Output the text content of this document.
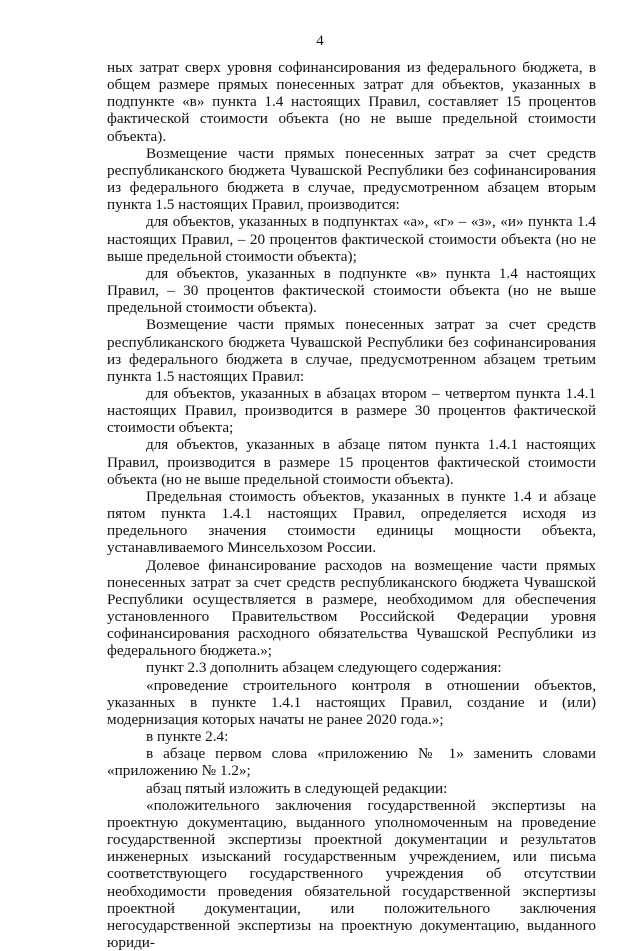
4

ных затрат сверх уровня софинансирования из федерального бюджета, в общем размере прямых понесенных затрат для объектов, указанных в подпункте «в» пункта 1.4 настоящих Правил, составляет 15 процентов фактической стоимости объекта (но не выше предельной стоимости объекта).

Возмещение части прямых понесенных затрат за счет средств республиканского бюджета Чувашской Республики без софинансирования из федерального бюджета в случае, предусмотренном абзацем вторым пункта 1.5 настоящих Правил, производится:

для объектов, указанных в подпунктах «а», «г» – «з», «и» пункта 1.4 настоящих Правил, – 20 процентов фактической стоимости объекта (но не выше предельной стоимости объекта);

для объектов, указанных в подпункте «в» пункта 1.4 настоящих Правил, – 30 процентов фактической стоимости объекта (но не выше предельной стоимости объекта).

Возмещение части прямых понесенных затрат за счет средств республиканского бюджета Чувашской Республики без софинансирования из федерального бюджета в случае, предусмотренном абзацем третьим пункта 1.5 настоящих Правил:

для объектов, указанных в абзацах втором – четвертом пункта 1.4.1 настоящих Правил, производится в размере 30 процентов фактической стоимости объекта;

для объектов, указанных в абзаце пятом пункта 1.4.1 настоящих Правил, производится в размере 15 процентов фактической стоимости объекта (но не выше предельной стоимости объекта).

Предельная стоимость объектов, указанных в пункте 1.4 и абзаце пятом пункта 1.4.1 настоящих Правил, определяется исходя из предельного значения стоимости единицы мощности объекта, устанавливаемого Минсельхозом России.

Долевое финансирование расходов на возмещение части прямых понесенных затрат за счет средств республиканского бюджета Чувашской Республики осуществляется в размере, необходимом для обеспечения установленного Правительством Российской Федерации уровня софинансирования расходного обязательства Чувашской Республики из федерального бюджета.»;

пункт 2.3 дополнить абзацем следующего содержания:

«проведение строительного контроля в отношении объектов, указанных в пункте 1.4.1 настоящих Правил, создание и (или) модернизация которых начаты не ранее 2020 года.»;

в пункте 2.4:

в абзаце первом слова «приложению № 1» заменить словами «приложению № 1.2»;

абзац пятый изложить в следующей редакции:

«положительного заключения государственной экспертизы на проектную документацию, выданного уполномоченным на проведение государственной экспертизы проектной документации и результатов инженерных изысканий государственным учреждением, или письма соответствующего государственного учреждения об отсутствии необходимости проведения обязательной государственной экспертизы проектной документации, или положительного заключения негосударственной экспертизы на проектную документацию, выданного юриди-
